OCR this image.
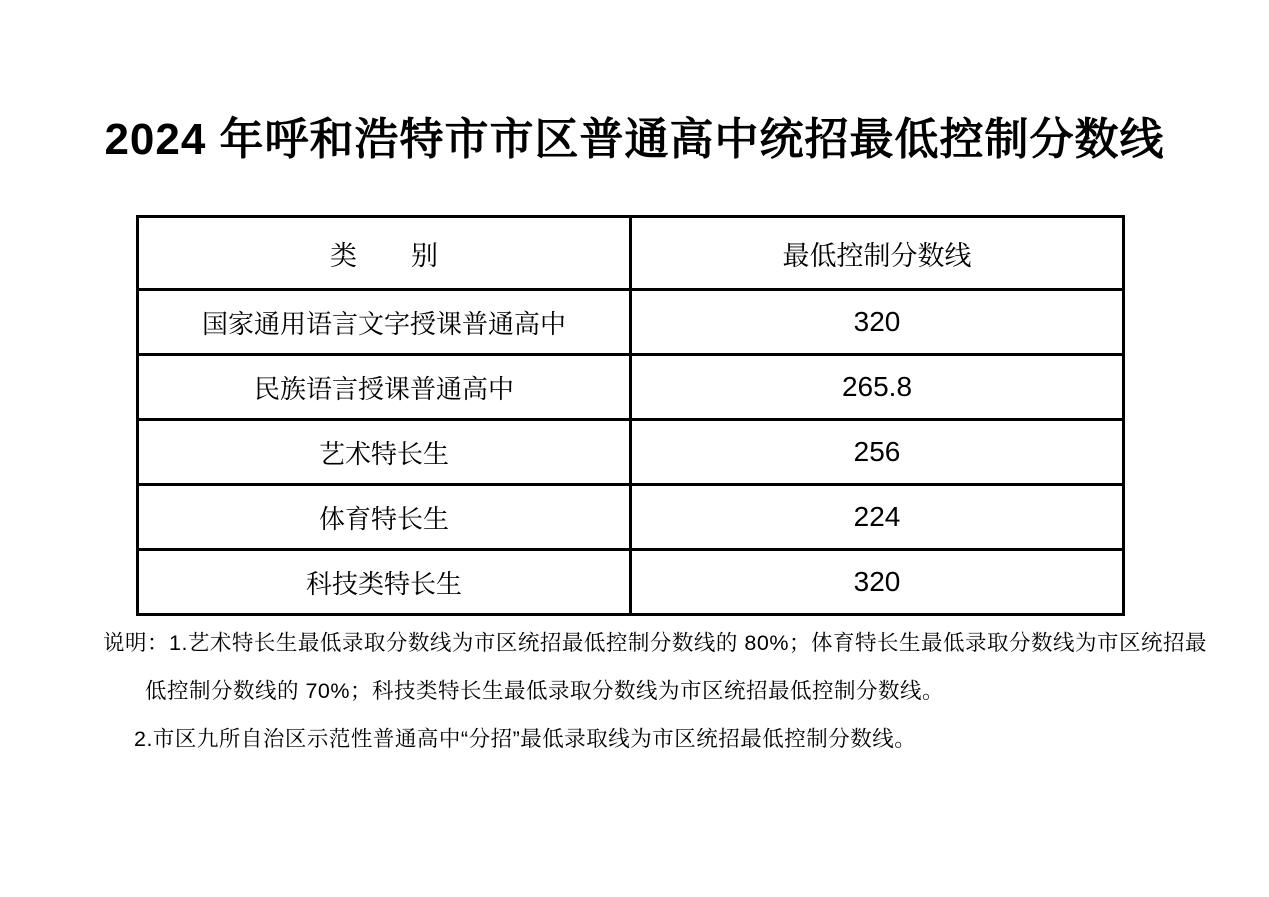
2024 年呼和浩特市市区普通高中统招最低控制分数线
类　　别	最低控制分数线
国家通用语言文字授课普通高中	320
民族语言授课普通高中	265.8
艺术特长生	256
体育特长生	224
科技类特长生	320
说明：1.艺术特长生最低录取分数线为市区统招最低控制分数线的 80%；体育特长生最低录取分数线为市区统招最
低控制分数线的 70%；科技类特长生最低录取分数线为市区统招最低控制分数线。
2.市区九所自治区示范性普通高中“分招”最低录取线为市区统招最低控制分数线。
